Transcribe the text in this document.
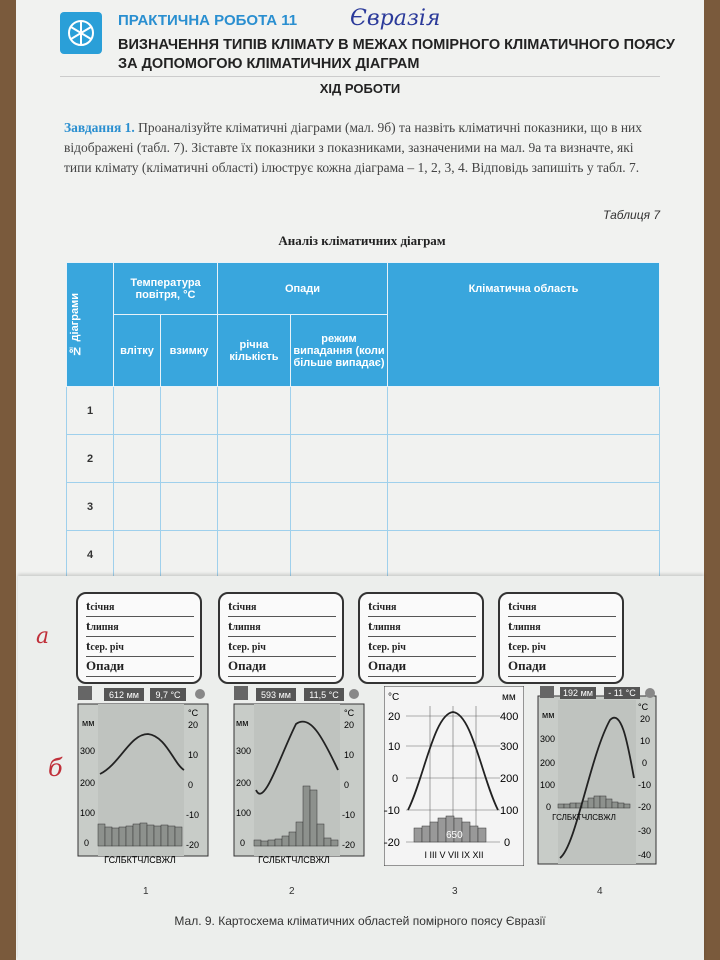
ПРАКТИЧНА РОБОТА 11 Євразія
ВИЗНАЧЕННЯ ТИПІВ КЛІМАТУ В МЕЖАХ ПОМІРНОГО КЛІМАТИЧНОГО ПОЯСУ ЗА ДОПОМОГОЮ КЛІМАТИЧНИХ ДІАГРАМ
ХІД РОБОТИ
Завдання 1. Проаналізуйте кліматичні діаграми (мал. 9б) та назвіть кліматичні показники, що в них відображені (табл. 7). Зіставте їх показники з показниками, зазначеними на мал. 9а та визначте, які типи клімату (кліматичні області) ілюструє кожна діаграма – 1, 2, 3, 4. Відповідь запишіть у табл. 7.
Таблиця 7
Аналіз кліматичних діаграм
№ діаграми	Температура повітря, °С		Опади		Кліматична область
	влітку	взимку	річна кількість	режим випадання (коли більше випадає)	
1					
2					
3					
4					
а
б
tсічня
tлипня
tсер. річ
Опади
tсічня
tлипня
tсер. річ
Опади
tсічня
tлипня
tсер. річ
Опади
tсічня
tлипня
tсер. річ
Опади
612 мм 9,7 °С
мм
°С
300
200
100
0
20
10
0
-10
-20
ГСЛБКТЧЛСВЖЛ
593 мм 11,5 °С
мм
°С
300
200
100
0
20
10
0
-10
-20
ГСЛБКТЧЛСВЖЛ
°С	мм
650
20
10
0
-10
-20
400
300
200
100
0
I III V VII IX XII
192 мм - 11 °С
мм
°С
300
200
100
0
20
10
0
-10
-20
-30
-40
ГСЛБКТЧЛСВЖЛ
1	2	3	4
Мал. 9. Картосхема кліматичних областей помірного поясу Євразії
